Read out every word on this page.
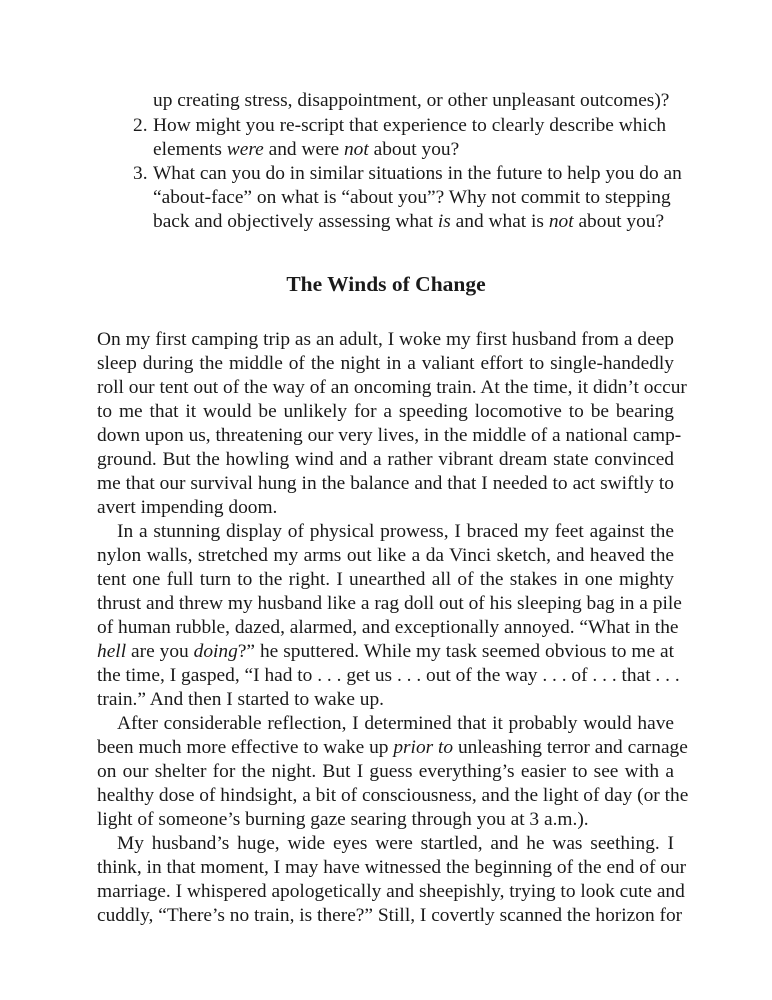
up creating stress, disappointment, or other unpleasant outcomes)?

2. How might you re-script that experience to clearly describe which

elements were and were not about you?

3. What can you do in similar situations in the future to help you do an

“about-face” on what is “about you”? Why not commit to stepping

back and objectively assessing what is and what is not about you?

The Winds of Change

On my first camping trip as an adult, I woke my first husband from a deep

sleep during the middle of the night in a valiant effort to single-handedly

roll our tent out of the way of an oncoming train. At the time, it didn’t occur

to me that it would be unlikely for a speeding locomotive to be bearing

down upon us, threatening our very lives, in the middle of a national camp-

ground. But the howling wind and a rather vibrant dream state convinced

me that our survival hung in the balance and that I needed to act swiftly to

avert impending doom.

In a stunning display of physical prowess, I braced my feet against the

nylon walls, stretched my arms out like a da Vinci sketch, and heaved the

tent one full turn to the right. I unearthed all of the stakes in one mighty

thrust and threw my husband like a rag doll out of his sleeping bag in a pile

of human rubble, dazed, alarmed, and exceptionally annoyed. “What in the

hell are you doing?” he sputtered. While my task seemed obvious to me at

the time, I gasped, “I had to . . . get us . . . out of the way . . . of . . . that . . .

train.” And then I started to wake up.

After considerable reflection, I determined that it probably would have

been much more effective to wake up prior to unleashing terror and carnage

on our shelter for the night. But I guess everything’s easier to see with a

healthy dose of hindsight, a bit of consciousness, and the light of day (or the

light of someone’s burning gaze searing through you at 3 a.m.).

My husband’s huge, wide eyes were startled, and he was seething. I

think, in that moment, I may have witnessed the beginning of the end of our

marriage. I whispered apologetically and sheepishly, trying to look cute and

cuddly, “There’s no train, is there?” Still, I covertly scanned the horizon for
